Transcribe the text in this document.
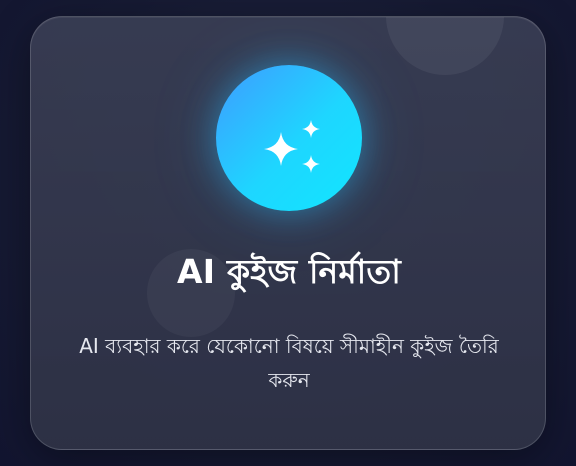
AI কুইজ নির্মাতা
AI ব্যবহার করে যেকোনো বিষয়ে সীমাহীন কুইজ তৈরি করুন
